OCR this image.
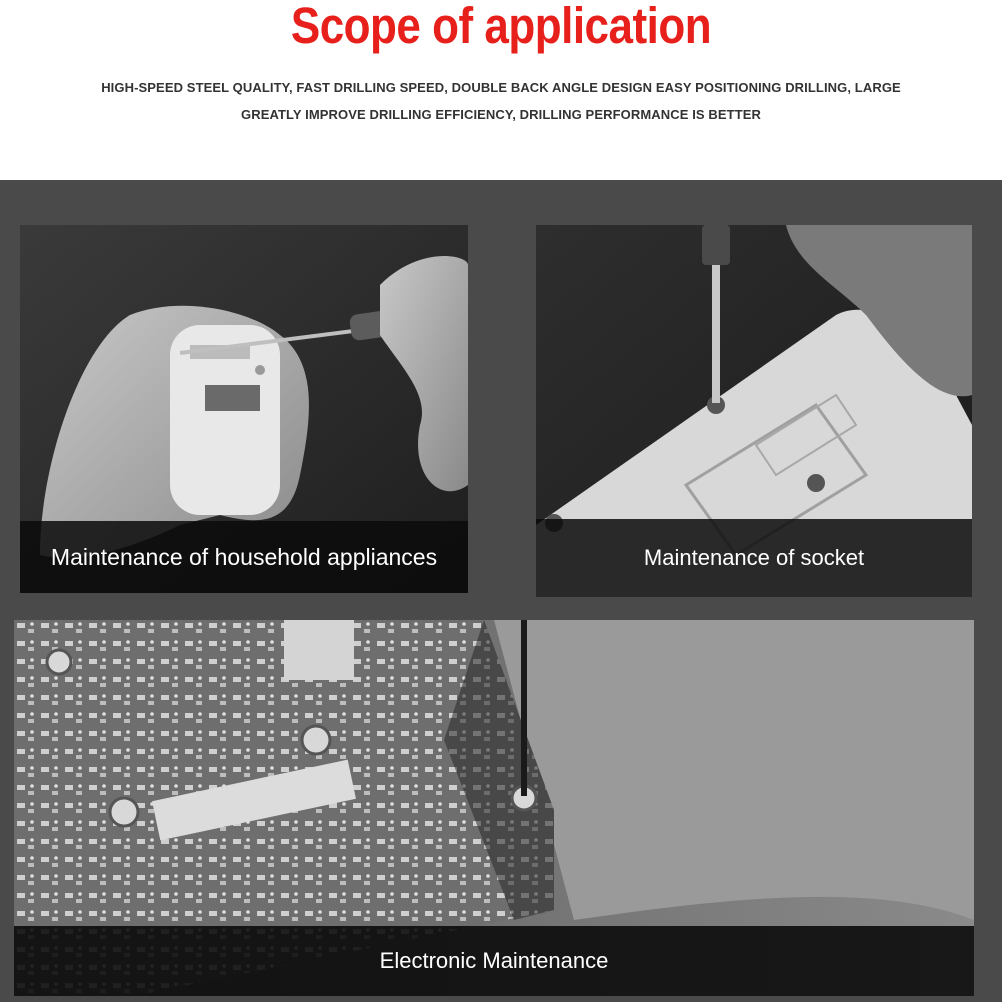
Scope of application
HIGH-SPEED STEEL QUALITY, FAST DRILLING SPEED, DOUBLE BACK ANGLE DESIGN EASY POSITIONING DRILLING, LARGE
GREATLY IMPROVE DRILLING EFFICIENCY, DRILLING PERFORMANCE IS BETTER
Maintenance of household appliances	Maintenance of socket
Electronic Maintenance
